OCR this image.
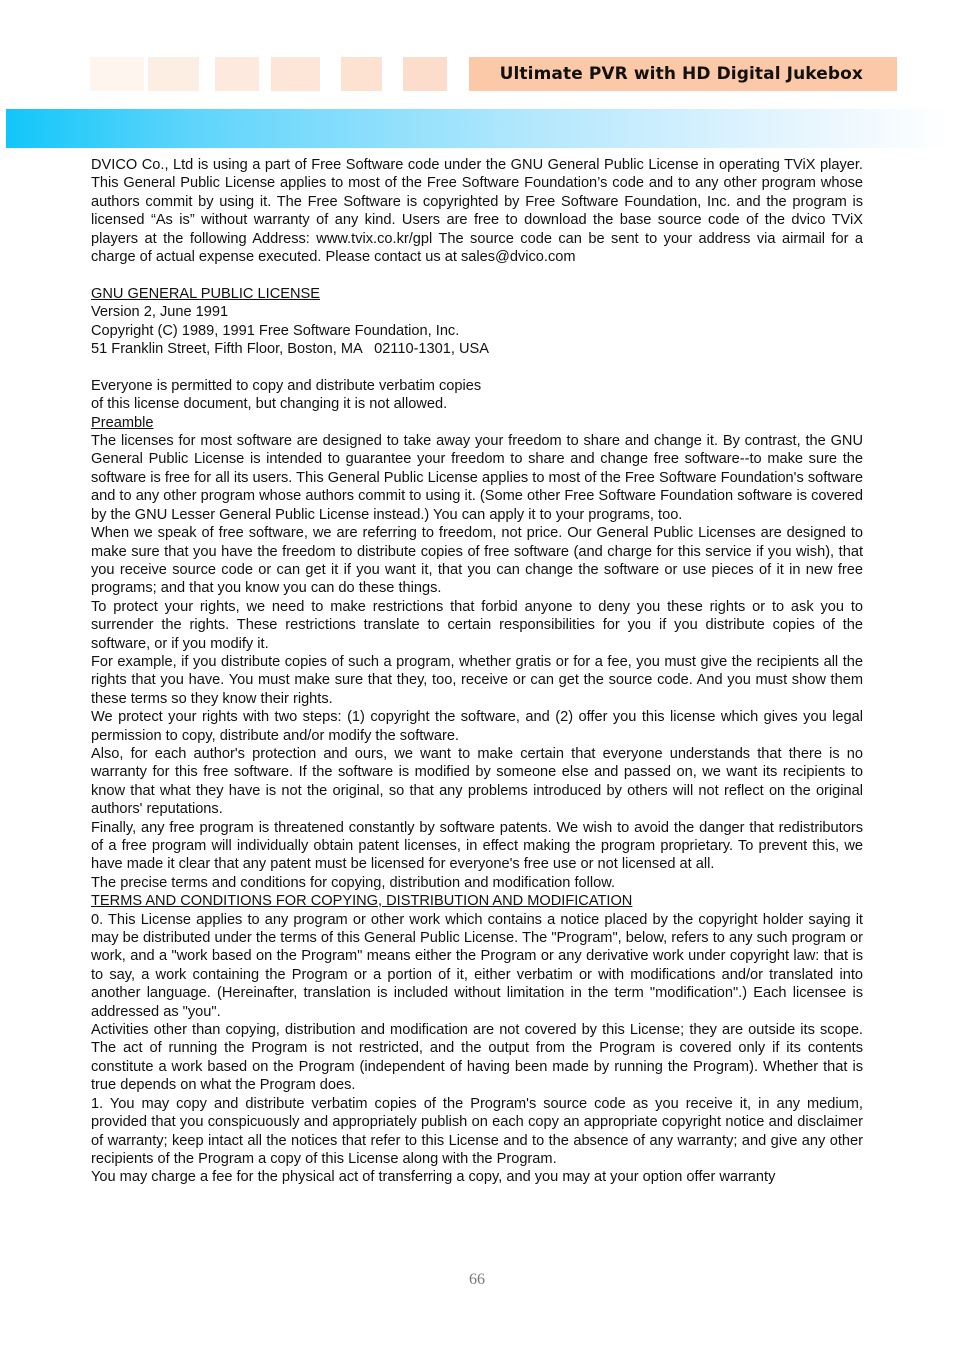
Ultimate PVR with HD Digital Jukebox

DVICO Co., Ltd is using a part of Free Software code under the GNU General Public License in operating TViX player. This General Public License applies to most of the Free Software Foundation’s code and to any other program whose authors commit by using it. The Free Software is copyrighted by Free Software Foundation, Inc. and the program is licensed “As is” without warranty of any kind. Users are free to download the base source code of the dvico TViX players at the following Address: www.tvix.co.kr/gpl The source code can be sent to your address via airmail for a charge of actual expense executed. Please contact us at sales@dvico.com

GNU GENERAL PUBLIC LICENSE

Version 2, June 1991

Copyright (C) 1989, 1991 Free Software Foundation, Inc.

51 Franklin Street, Fifth Floor, Boston, MA   02110-1301, USA

Everyone is permitted to copy and distribute verbatim copies

of this license document, but changing it is not allowed.

Preamble

The licenses for most software are designed to take away your freedom to share and change it. By contrast, the GNU General Public License is intended to guarantee your freedom to share and change free software--to make sure the software is free for all its users. This General Public License applies to most of the Free Software Foundation's software and to any other program whose authors commit to using it. (Some other Free Software Foundation software is covered by the GNU Lesser General Public License instead.) You can apply it to your programs, too.

When we speak of free software, we are referring to freedom, not price. Our General Public Licenses are designed to make sure that you have the freedom to distribute copies of free software (and charge for this service if you wish), that you receive source code or can get it if you want it, that you can change the software or use pieces of it in new free programs; and that you know you can do these things.

To protect your rights, we need to make restrictions that forbid anyone to deny you these rights or to ask you to surrender the rights. These restrictions translate to certain responsibilities for you if you distribute copies of the software, or if you modify it.

For example, if you distribute copies of such a program, whether gratis or for a fee, you must give the recipients all the rights that you have. You must make sure that they, too, receive or can get the source code. And you must show them these terms so they know their rights.

We protect your rights with two steps: (1) copyright the software, and (2) offer you this license which gives you legal permission to copy, distribute and/or modify the software.

Also, for each author's protection and ours, we want to make certain that everyone understands that there is no warranty for this free software. If the software is modified by someone else and passed on, we want its recipients to know that what they have is not the original, so that any problems introduced by others will not reflect on the original authors' reputations.

Finally, any free program is threatened constantly by software patents. We wish to avoid the danger that redistributors of a free program will individually obtain patent licenses, in effect making the program proprietary. To prevent this, we have made it clear that any patent must be licensed for everyone's free use or not licensed at all.

The precise terms and conditions for copying, distribution and modification follow.

TERMS AND CONDITIONS FOR COPYING, DISTRIBUTION AND MODIFICATION

0. This License applies to any program or other work which contains a notice placed by the copyright holder saying it may be distributed under the terms of this General Public License. The "Program", below, refers to any such program or work, and a "work based on the Program" means either the Program or any derivative work under copyright law: that is to say, a work containing the Program or a portion of it, either verbatim or with modifications and/or translated into another language. (Hereinafter, translation is included without limitation in the term "modification".) Each licensee is addressed as "you".

Activities other than copying, distribution and modification are not covered by this License; they are outside its scope. The act of running the Program is not restricted, and the output from the Program is covered only if its contents constitute a work based on the Program (independent of having been made by running the Program). Whether that is true depends on what the Program does.

1. You may copy and distribute verbatim copies of the Program's source code as you receive it, in any medium, provided that you conspicuously and appropriately publish on each copy an appropriate copyright notice and disclaimer of warranty; keep intact all the notices that refer to this License and to the absence of any warranty; and give any other recipients of the Program a copy of this License along with the Program.

You may charge a fee for the physical act of transferring a copy, and you may at your option offer warranty

66
